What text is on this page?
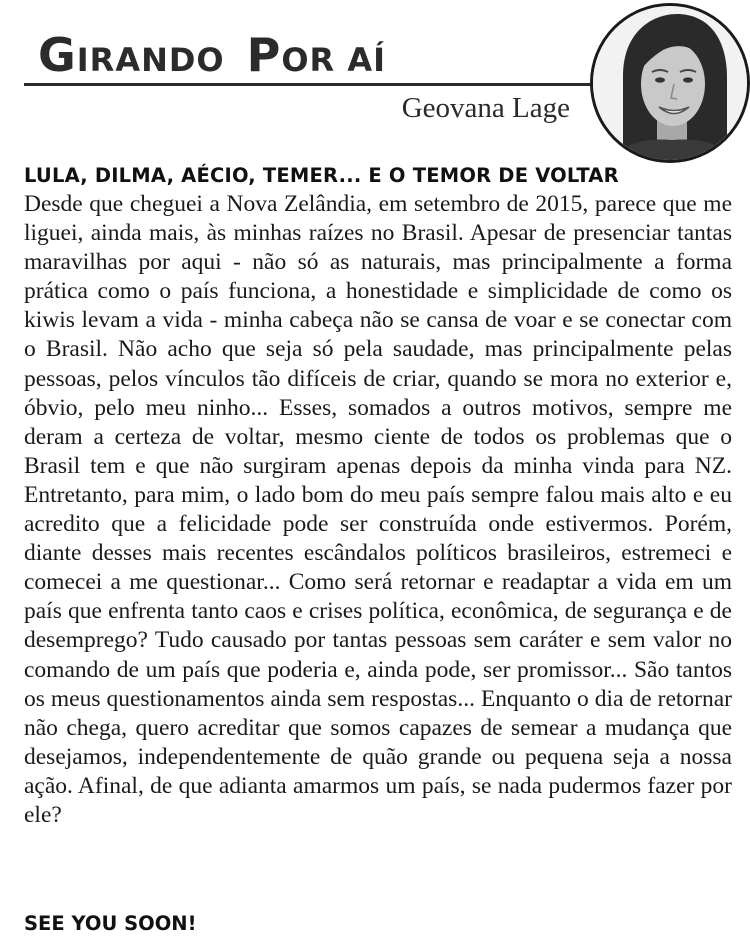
GIRANDO POR AÍ
Geovana Lage
LULA, DILMA, AÉCIO, TEMER... E O TEMOR DE VOLTAR

Desde que cheguei a Nova Zelândia, em setembro de 2015, parece que me liguei, ainda mais, às minhas raízes no Brasil. Apesar de presenciar tantas maravilhas por aqui - não só as naturais, mas principalmente a forma prática como o país funciona, a honestidade e simplicidade de como os kiwis levam a vida - minha cabeça não se cansa de voar e se conectar com o Brasil. Não acho que seja só pela saudade, mas principalmente pelas pessoas, pelos vínculos tão difíceis de criar, quando se mora no exterior e, óbvio, pelo meu ninho... Esses, somados a outros motivos, sempre me deram a certeza de voltar, mesmo ciente de todos os problemas que o Brasil tem e que não surgiram apenas depois da minha vinda para NZ. Entretanto, para mim, o lado bom do meu país sempre falou mais alto e eu acredito que a felicidade pode ser construída onde estivermos. Porém, diante desses mais recentes escândalos políticos brasileiros, estremeci e comecei a me questionar... Como será retornar e readaptar a vida em um país que enfrenta tanto caos e crises política, econômica, de segurança e de desemprego? Tudo causado por tantas pessoas sem caráter e sem valor no comando de um país que poderia e, ainda pode, ser promissor... São tantos os meus questionamentos ainda sem respostas... Enquanto o dia de retornar não chega, quero acreditar que somos capazes de semear a mudança que desejamos, independentemente de quão grande ou pequena seja a nossa ação. Afinal, de que adianta amarmos um país, se nada pudermos fazer por ele?

SEE YOU SOON!
